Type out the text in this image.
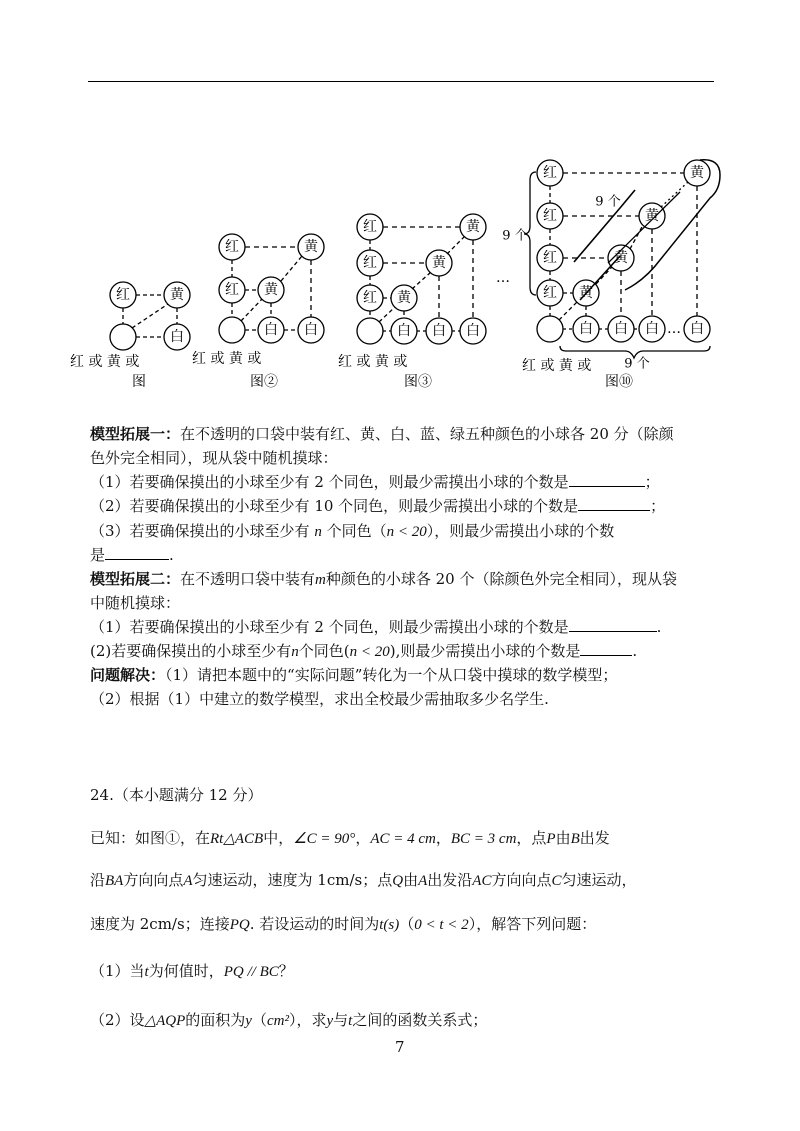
红	黄
白
红	黄
红 黄
白 白
红	黄
红	黄
红 黄
白 白 白
红	黄
红	黄
红	黄
红 黄
白 白 白 白
…
…
9 个
9 个
9 个
红 或 黄 或
图
红 或 黄 或
图②
红 或 黄 或
图③
红 或 黄 或
图⑩
模型拓展一：在不透明的口袋中装有红、黄、白、蓝、绿五种颜色的小球各 20 分（除颜
色外完全相同），现从袋中随机摸球：
（1）若要确保摸出的小球至少有 2 个同色，则最少需摸出小球的个数是	；
（2）若要确保摸出的小球至少有 10 个同色，则最少需摸出小球的个数是	；
（3）若要确保摸出的小球至少有 n 个同色（n < 20），则最少需摸出小球的个数
是	.
模型拓展二：在不透明口袋中装有m种颜色的小球各 20 个（除颜色外完全相同），现从袋
中随机摸球：
（1）若要确保摸出的小球至少有 2 个同色，则最少需摸出小球的个数是	.
(2)若要确保摸出的小球至少有n个同色(n < 20),则最少需摸出小球的个数是	.
问题解决：（1）请把本题中的“实际问题”转化为一个从口袋中摸球的数学模型；
（2）根据（1）中建立的数学模型，求出全校最少需抽取多少名学生.
24.（本小题满分 12 分）
已知：如图①，在Rt△ACB中，∠C = 90°，AC = 4 cm，BC = 3 cm，点P由B出发
沿BA方向向点A匀速运动，速度为 1cm/s；点Q由A出发沿AC方向向点C匀速运动，
速度为 2cm/s；连接PQ. 若设运动的时间为t(s)（0 < t < 2），解答下列问题：
（1）当t为何值时，PQ // BC？
（2）设△AQP的面积为y（cm²），求y与t之间的函数关系式；
7
